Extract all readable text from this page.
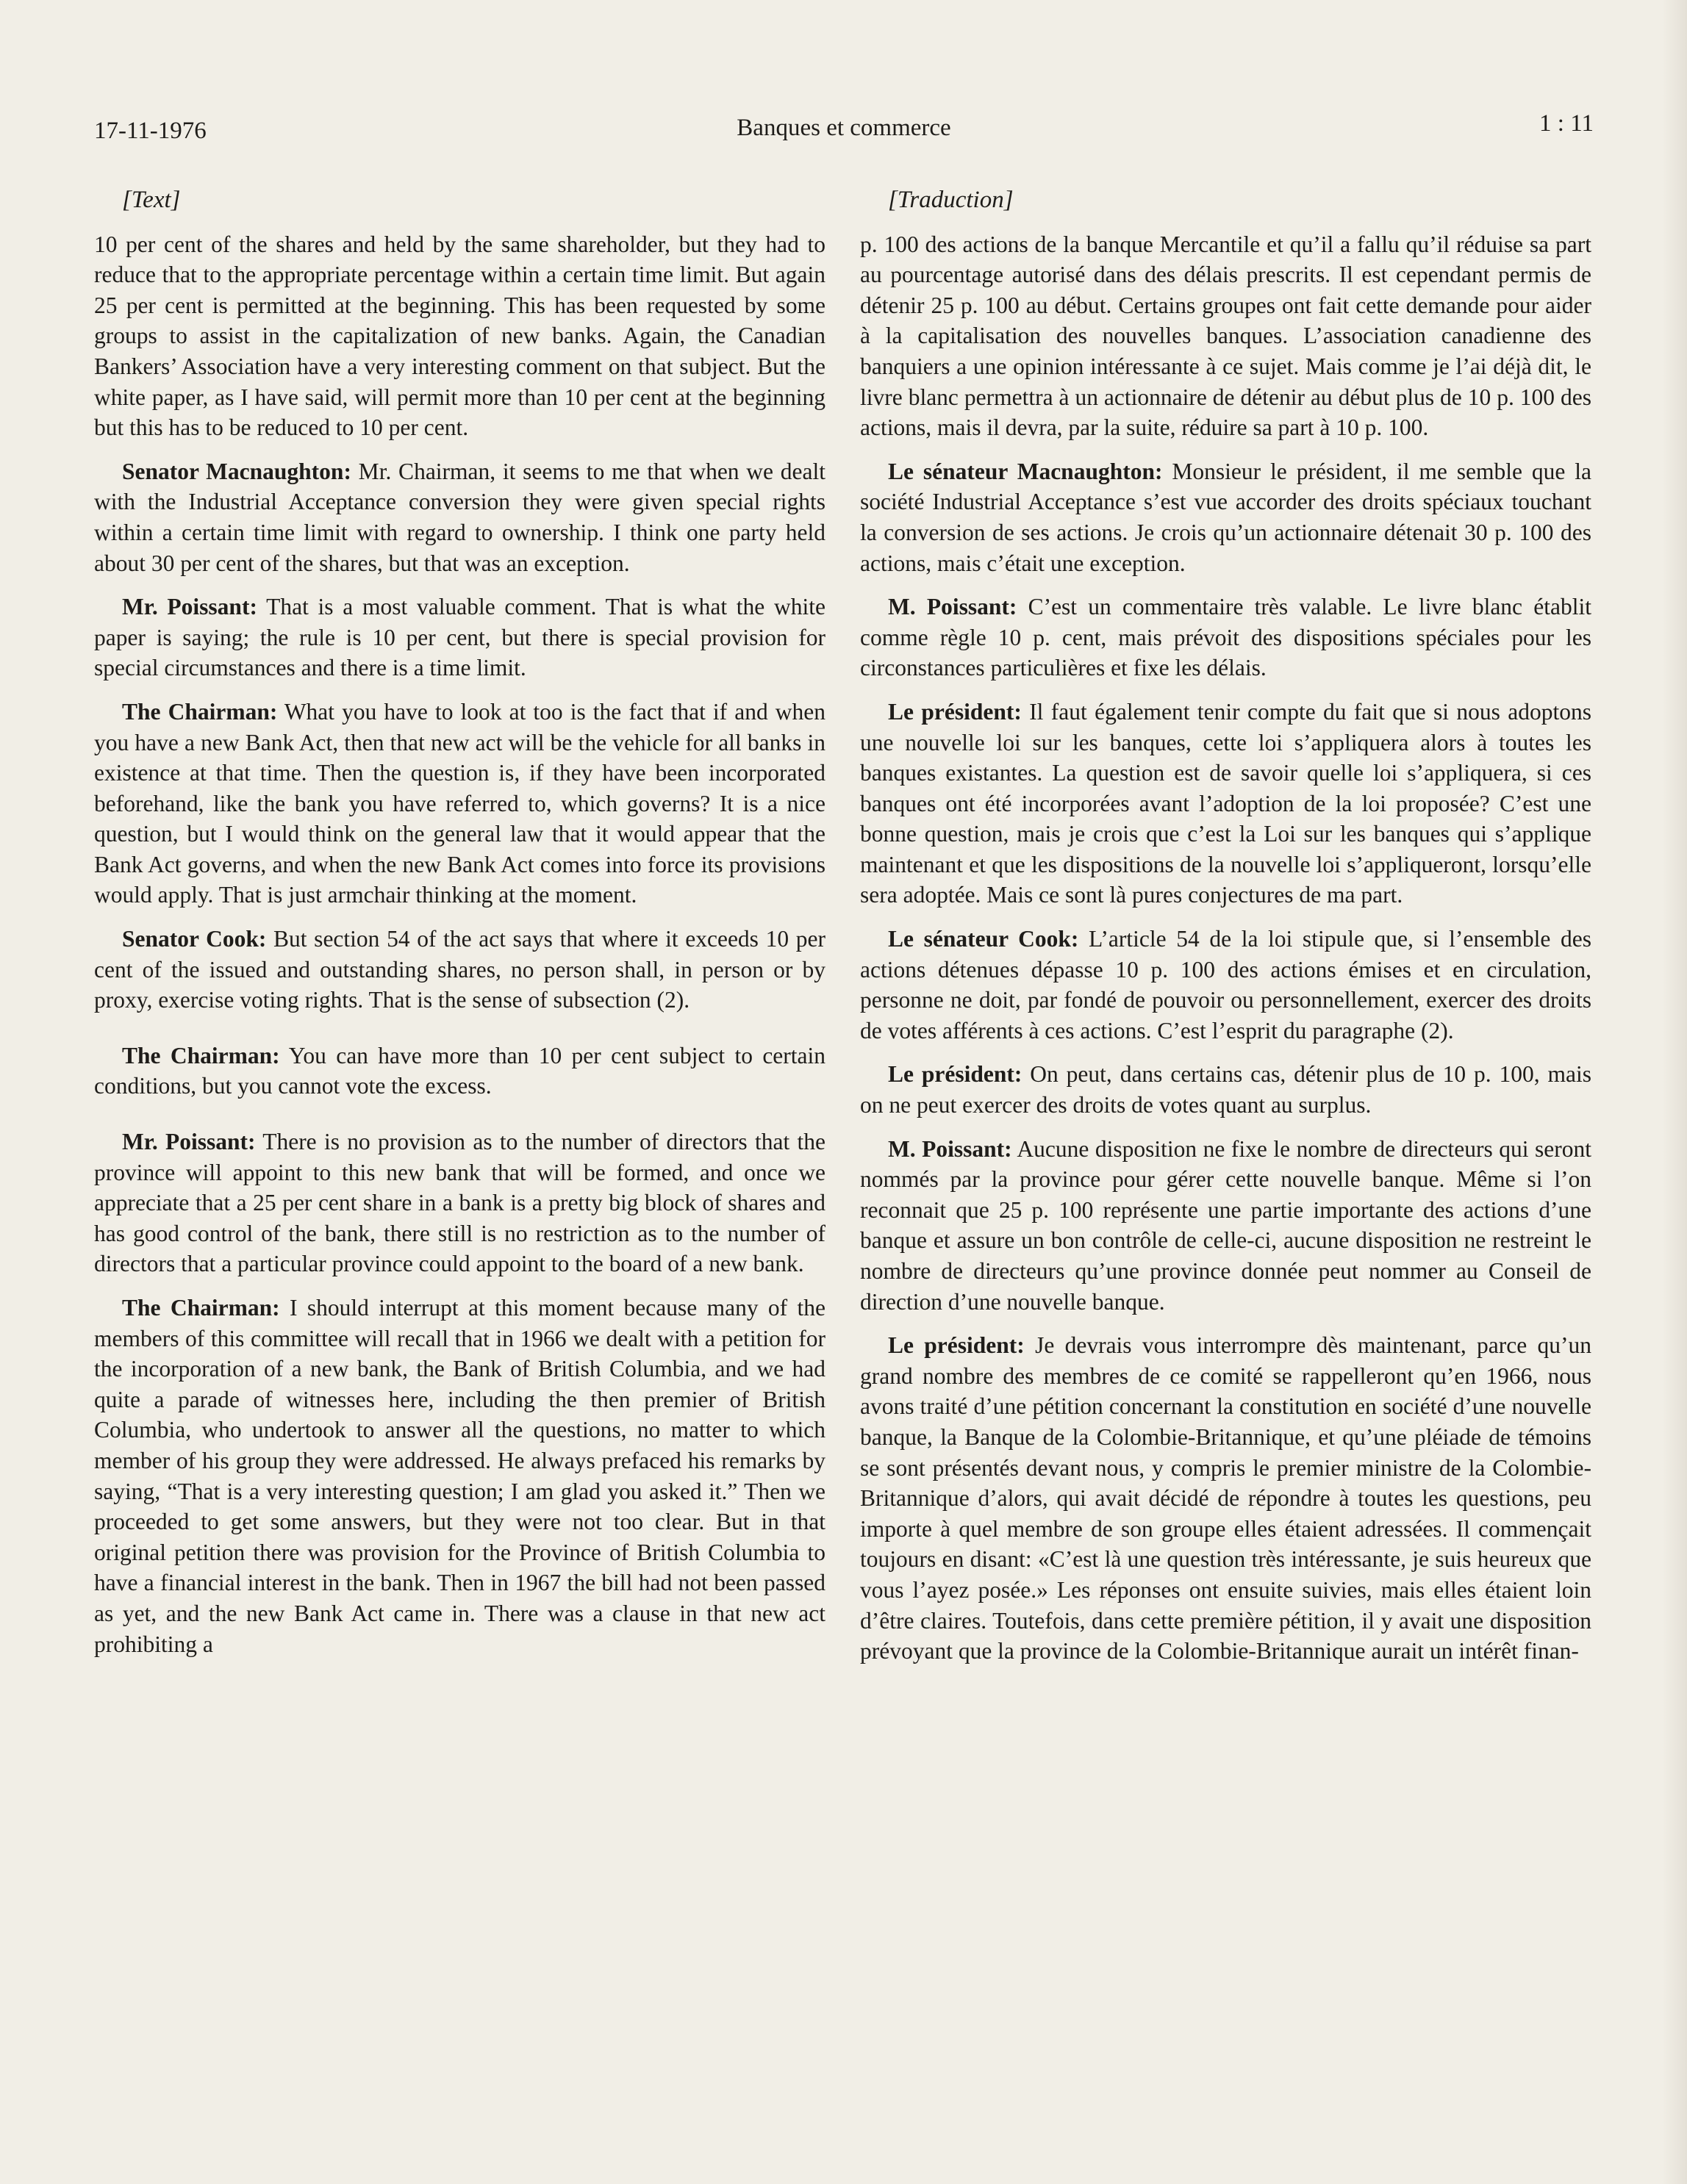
17-11-1976	Banques et commerce	1 : 11

[Text]

10 per cent of the shares and held by the same shareholder, but they had to reduce that to the appropriate percentage within a certain time limit. But again 25 per cent is permitted at the beginning. This has been requested by some groups to assist in the capitalization of new banks. Again, the Canadian Bankers’ Association have a very interesting comment on that subject. But the white paper, as I have said, will permit more than 10 per cent at the beginning but this has to be reduced to 10 per cent.

Senator Macnaughton: Mr. Chairman, it seems to me that when we dealt with the Industrial Acceptance conversion they were given special rights within a certain time limit with regard to ownership. I think one party held about 30 per cent of the shares, but that was an exception.

Mr. Poissant: That is a most valuable comment. That is what the white paper is saying; the rule is 10 per cent, but there is special provision for special circumstances and there is a time limit.

The Chairman: What you have to look at too is the fact that if and when you have a new Bank Act, then that new act will be the vehicle for all banks in existence at that time. Then the question is, if they have been incorporated beforehand, like the bank you have referred to, which governs? It is a nice question, but I would think on the general law that it would appear that the Bank Act governs, and when the new Bank Act comes into force its provisions would apply. That is just armchair thinking at the moment.

Senator Cook: But section 54 of the act says that where it exceeds 10 per cent of the issued and outstanding shares, no person shall, in person or by proxy, exercise voting rights. That is the sense of subsection (2).

The Chairman: You can have more than 10 per cent subject to certain conditions, but you cannot vote the excess.

Mr. Poissant: There is no provision as to the number of directors that the province will appoint to this new bank that will be formed, and once we appreciate that a 25 per cent share in a bank is a pretty big block of shares and has good control of the bank, there still is no restriction as to the number of directors that a particular province could appoint to the board of a new bank.

The Chairman: I should interrupt at this moment because many of the members of this committee will recall that in 1966 we dealt with a petition for the incorporation of a new bank, the Bank of British Columbia, and we had quite a parade of witnesses here, including the then premier of British Columbia, who undertook to answer all the questions, no matter to which member of his group they were addressed. He always prefaced his remarks by saying, “That is a very interesting question; I am glad you asked it.” Then we proceeded to get some answers, but they were not too clear. But in that original petition there was provision for the Province of British Columbia to have a financial interest in the bank. Then in 1967 the bill had not been passed as yet, and the new Bank Act came in. There was a clause in that new act prohibiting a

[Traduction]

p. 100 des actions de la banque Mercantile et qu’il a fallu qu’il réduise sa part au pourcentage autorisé dans des délais prescrits. Il est cependant permis de détenir 25 p. 100 au début. Certains groupes ont fait cette demande pour aider à la capitalisation des nouvelles banques. L’association canadienne des banquiers a une opinion intéressante à ce sujet. Mais comme je l’ai déjà dit, le livre blanc permettra à un actionnaire de détenir au début plus de 10 p. 100 des actions, mais il devra, par la suite, réduire sa part à 10 p. 100.

Le sénateur Macnaughton: Monsieur le président, il me semble que la société Industrial Acceptance s’est vue accorder des droits spéciaux touchant la conversion de ses actions. Je crois qu’un actionnaire détenait 30 p. 100 des actions, mais c’était une exception.

M. Poissant: C’est un commentaire très valable. Le livre blanc établit comme règle 10 p. cent, mais prévoit des dispositions spéciales pour les circonstances particulières et fixe les délais.

Le président: Il faut également tenir compte du fait que si nous adoptons une nouvelle loi sur les banques, cette loi s’appliquera alors à toutes les banques existantes. La question est de savoir quelle loi s’appliquera, si ces banques ont été incorporées avant l’adoption de la loi proposée? C’est une bonne question, mais je crois que c’est la Loi sur les banques qui s’applique maintenant et que les dispositions de la nouvelle loi s’appliqueront, lorsqu’elle sera adoptée. Mais ce sont là pures conjectures de ma part.

Le sénateur Cook: L’article 54 de la loi stipule que, si l’ensemble des actions détenues dépasse 10 p. 100 des actions émises et en circulation, personne ne doit, par fondé de pouvoir ou personnellement, exercer des droits de votes afférents à ces actions. C’est l’esprit du paragraphe (2).

Le président: On peut, dans certains cas, détenir plus de 10 p. 100, mais on ne peut exercer des droits de votes quant au surplus.

M. Poissant: Aucune disposition ne fixe le nombre de directeurs qui seront nommés par la province pour gérer cette nouvelle banque. Même si l’on reconnait que 25 p. 100 représente une partie importante des actions d’une banque et assure un bon contrôle de celle-ci, aucune disposition ne restreint le nombre de directeurs qu’une province donnée peut nommer au Conseil de direction d’une nouvelle banque.

Le président: Je devrais vous interrompre dès maintenant, parce qu’un grand nombre des membres de ce comité se rappelleront qu’en 1966, nous avons traité d’une pétition concernant la constitution en société d’une nouvelle banque, la Banque de la Colombie-Britannique, et qu’une pléiade de témoins se sont présentés devant nous, y compris le premier ministre de la Colombie-Britannique d’alors, qui avait décidé de répondre à toutes les questions, peu importe à quel membre de son groupe elles étaient adressées. Il commençait toujours en disant: «C’est là une question très intéressante, je suis heureux que vous l’ayez posée.» Les réponses ont ensuite suivies, mais elles étaient loin d’être claires. Toutefois, dans cette première pétition, il y avait une disposition prévoyant que la province de la Colombie-Britannique aurait un intérêt finan-
